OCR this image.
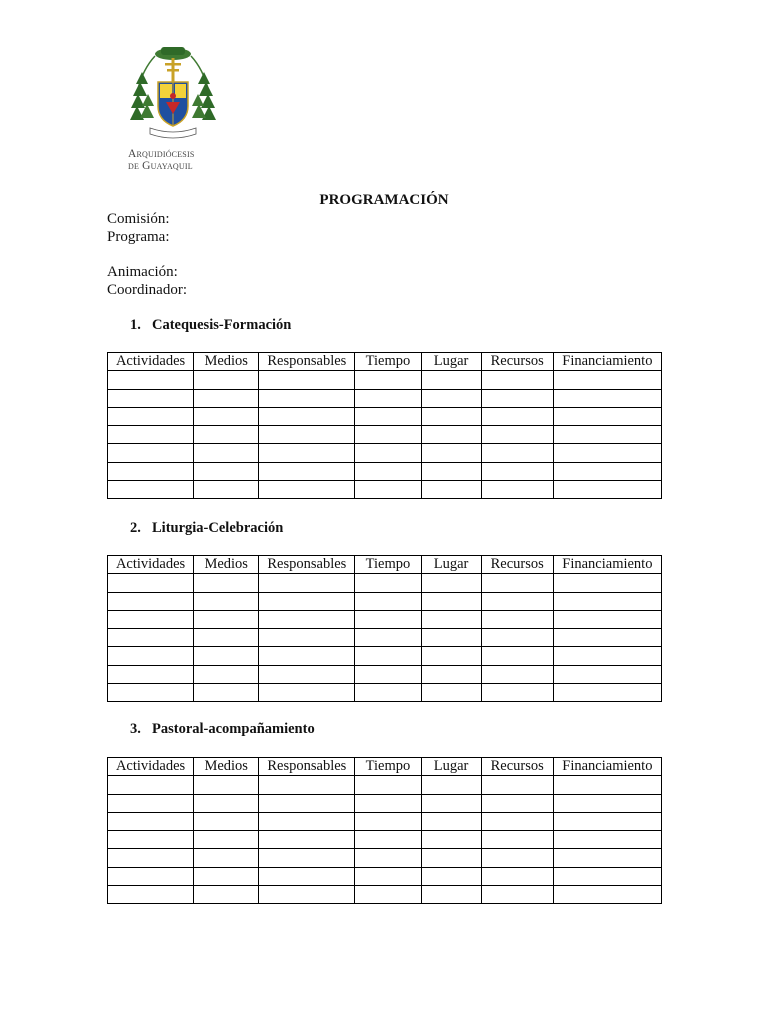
Arquidiócesis
de Guayaquil
PROGRAMACIÓN
Comisión:
Programa:
Animación:
Coordinador:
1. Catequesis-Formación
Actividades	Medios	Responsables	Tiempo	Lugar	Recursos	Financiamiento

2. Liturgia-Celebración
Actividades	Medios	Responsables	Tiempo	Lugar	Recursos	Financiamiento

3. Pastoral-acompañamiento
Actividades	Medios	Responsables	Tiempo	Lugar	Recursos	Financiamiento
